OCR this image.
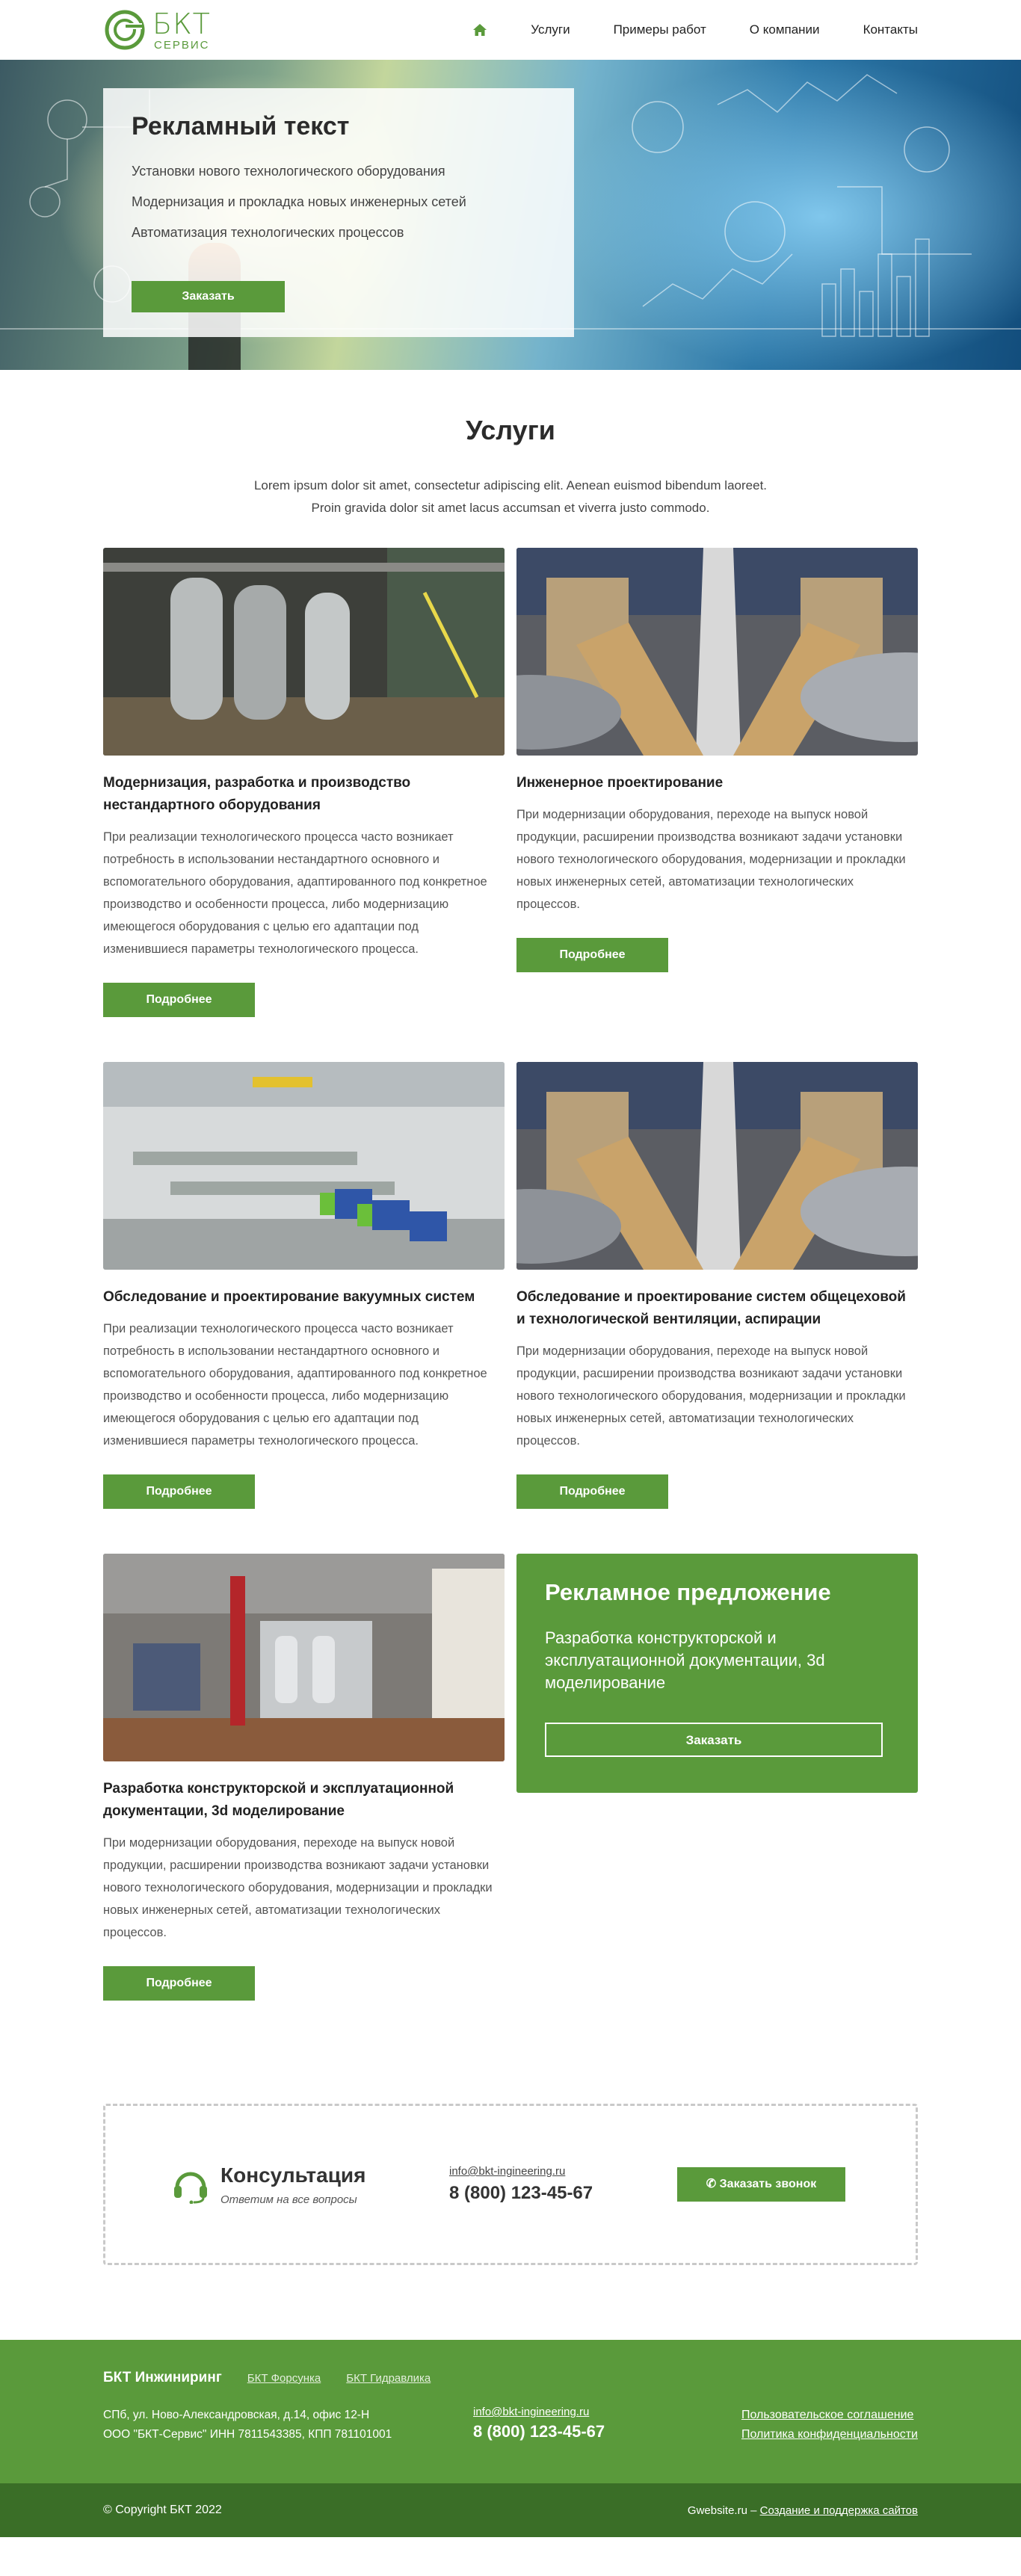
БКТ
СЕРВИС
Услуги	Примеры работ	О компании	Контакты
Рекламный текст

Установки нового технологического оборудования

Модернизация и прокладка новых инженерных сетей

Автоматизация технологических процессов

Заказать
Услуги

Lorem ipsum dolor sit amet, consectetur adipiscing elit. Aenean euismod bibendum laoreet. Proin gravida dolor sit amet lacus accumsan et viverra justo commodo.

Модернизация, разработка и производство нестандартного оборудования

При реализации технологического процесса часто возникает потребность в использовании нестандартного основного и вспомогательного оборудования, адаптированного под конкретное производство и особенности процесса, либо модернизацию имеющегося оборудования с целью его адаптации под изменившиеся параметры технологического процесса.

Подробнее
Инженерное проектирование

При модернизации оборудования, переходе на выпуск новой продукции, расширении производства возникают задачи установки нового технологического оборудования, модернизации и прокладки новых инженерных сетей, автоматизации технологических процессов.

Подробнее
Обследование и проектирование вакуумных систем

При реализации технологического процесса часто возникает потребность в использовании нестандартного основного и вспомогательного оборудования, адаптированного под конкретное производство и особенности процесса, либо модернизацию имеющегося оборудования с целью его адаптации под изменившиеся параметры технологического процесса.

Подробнее
Обследование и проектирование систем общецеховой и технологической вентиляции, аспирации

При модернизации оборудования, переходе на выпуск новой продукции, расширении производства возникают задачи установки нового технологического оборудования, модернизации и прокладки новых инженерных сетей, автоматизации технологических процессов.

Подробнее
Разработка конструкторской и эксплуатационной документации, 3d моделирование

При модернизации оборудования, переходе на выпуск новой продукции, расширении производства возникают задачи установки нового технологического оборудования, модернизации и прокладки новых инженерных сетей, автоматизации технологических процессов.

Подробнее
Рекламное предложение

Разработка конструкторской и эксплуатационной документации, 3d моделирование

Заказать
Консультация
Ответим на все вопросы
info@bkt-ingineering.ru
8 (800) 123-45-67	✆ Заказать звонок
БКТ Инжиниринг БКТ Форсунка БКТ Гидравлика
СПб, ул. Ново-Александровская, д.14, офис 12-Н
ООО "БКТ-Сервис" ИНН 7811543385, КПП 781101001
info@bkt-ingineering.ru
8 (800) 123-45-67
Пользовательское соглашение
Политика конфиденциальности
© Copyright БКТ 2022	Gwebsite.ru – Создание и поддержка сайтов
